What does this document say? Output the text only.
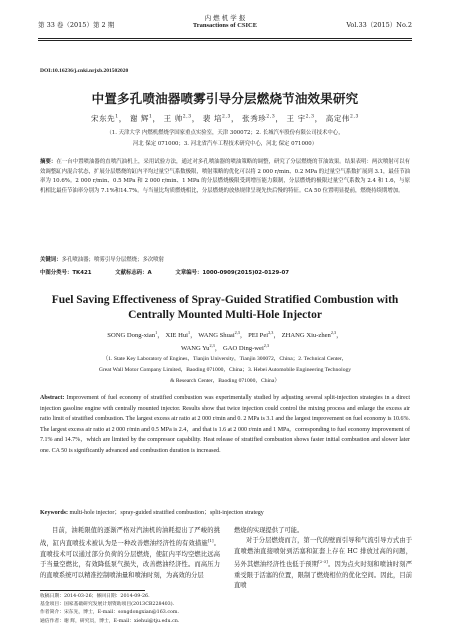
第 33 卷（2015）第 2 期
内 燃 机 学 报
Transactions of CSICE	Vol.33（2015）No.2
DOI:10.16236/j.cnki.nrjxb.201502020
中置多孔喷油器喷雾引导分层燃烧节油效果研究
宋东先$^1$， 谢 辉$^1$， 王 帅$^{2,3}$， 裴 培$^{2,3}$， 张秀珍$^{2,3}$， 王 宇$^{2,3}$， 高定伟$^{2,3}$
（1. 天津大学 内燃机燃烧学国家重点实验室，天津 300072；2. 长城汽车股份有限公司技术中心，
河北 保定 071000；3. 河北省汽车工程技术研究中心，河北 保定 071000）
摘要：在一台中置喷油器的直喷汽油机上，采用试验方法，通过对多孔喷油器的喷油策略的调整，研究了分层燃烧的节油效果。结果表明：两次喷射可以有效调整缸内混合状态，扩展分层燃烧的缸内平均过量空气系数极限，喷射策略的优化可以将 2 000 r/min、0.2 MPa 的过量空气系数扩展到 3.1，最佳节油率为 10.6%。2 000 r/min、0.5 MPa 和 2 000 r/min、1 MPa 的分层燃烧极限受到增压能力限制，分层燃烧的极限过量空气系数为 2.4 和 1.6，与原机相比最佳节油率分别为 7.1%和14.7%。与当量比均质燃烧相比，分层燃烧的放热规律呈现先快后慢的特征。CA 50 位置明显提前，燃烧持续期增加。
关键词：多孔喷油器；喷雾引导分层燃烧；多次喷射
中图分类号：TK421	文献标志码：A	文章编号：1000-0909(2015)02-0129-07
Fuel Saving Effectiveness of Spray-Guided Stratified Combustion with Centrally Mounted Multi-Hole Injector
SONG Dong-xian$^1$， XIE Hui$^1$， WANG Shuai$^{2,3}$， PEI Pei$^{2,3}$， ZHANG Xiu-zhen$^{2,3}$，
WANG Yu$^{2,3}$， GAO Ding-wei$^{2,3}$
（1. State Key Laboratory of Engines，Tianjin University，Tianjin 300072，China；2. Technical Center，
Great Wall Motor Company Limited，Baoding 071000，China；3. Hebei Automobile Engineering Technology
& Research Center，Baoding 071000，China）
Abstract: Improvement of fuel economy of stratified combustion was experimentally studied by adjusting several split-injection strategies in a direct injection gasoline engine with centrally mounted injector. Results show that twice injection could control the mixing process and enlarge the excess air ratio limit of stratified combustion. The largest excess air ratio at 2 000 r/min and 0. 2 MPa is 3.1 and the largest improvement on fuel economy is 10.6%. The largest excess air ratio at 2 000 r/min and 0.5 MPa is 2.4，and that is 1.6 at 2 000 r/min and 1 MPa，corresponding to fuel economy improvement of 7.1% and 14.7%，which are limited by the compressor capability. Heat release of stratified combustion shows faster initial combustion and slower later one. CA 50 is significantly advanced and combustion duration is increased.
Keywords: multi-hole injector；spray-guided stratified combustion；split-injection strategy

目前，油耗限值的逐渐严格对汽油机的油耗提出了严峻的挑战，缸内直喷技术被认为是一种改善燃油经济性的有效措施[1]。直喷技术可以通过部分负荷的分层燃烧，使缸内平均空燃比远高于当量空燃比，有效降低泵气损失，改善燃油经济性。而高压力的直喷系统可以精准控制喷油量和喷油时刻，为高效的分层

燃烧的实现提供了可能。

对于分层燃烧而言，第一代的壁面引导和气流引导方式由于直喷燃油直接喷射到活塞和缸套上存在 HC 排放过高的问题，另外其燃油经济性也低于预期[2-3]。因为点火时刻和喷油时刻严重受限于活塞的位置，限制了燃烧相位的优化空间。因此，目前直喷

收稿日期：2014-03-26；修回日期：2014-09-26.
基金项目：国家基础研究发展计划资助项目(2013CB228403).
作者简介：宋东先，博士，E-mail：songdongxian@163.com.
通信作者：谢 辉，研究员，博士，E-mail：xiehui@tju.edu.cn.
